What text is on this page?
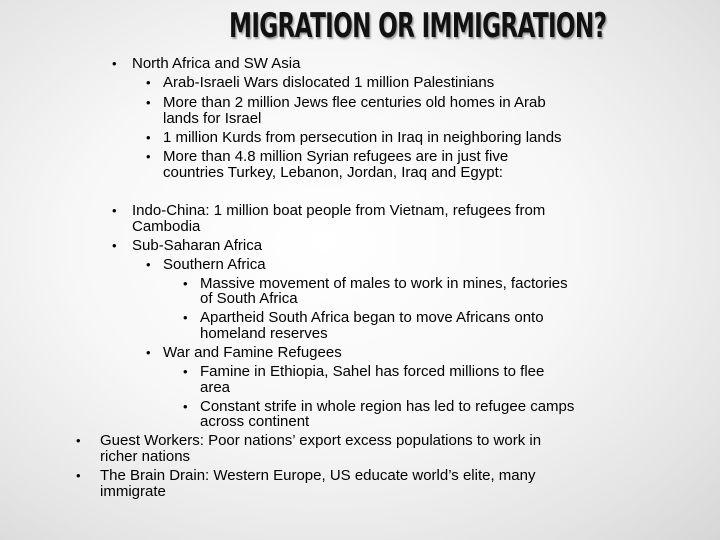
MIGRATION OR IMMIGRATION?
• North Africa and SW Asia
• Arab-Israeli Wars dislocated 1 million Palestinians
• More than 2 million Jews flee centuries old homes in Arab
lands for Israel
• 1 million Kurds from persecution in Iraq in neighboring lands
• More than 4.8 million Syrian refugees are in just five
countries Turkey, Lebanon, Jordan, Iraq and Egypt:
• Indo-China: 1 million boat people from Vietnam, refugees from
Cambodia
• Sub-Saharan Africa
• Southern Africa
• Massive movement of males to work in mines, factories
of South Africa
• Apartheid South Africa began to move Africans onto
homeland reserves
• War and Famine Refugees
• Famine in Ethiopia, Sahel has forced millions to flee
area
• Constant strife in whole region has led to refugee camps
across continent
• Guest Workers: Poor nations’ export excess populations to work in
richer nations
• The Brain Drain: Western Europe, US educate world’s elite, many
immigrate
